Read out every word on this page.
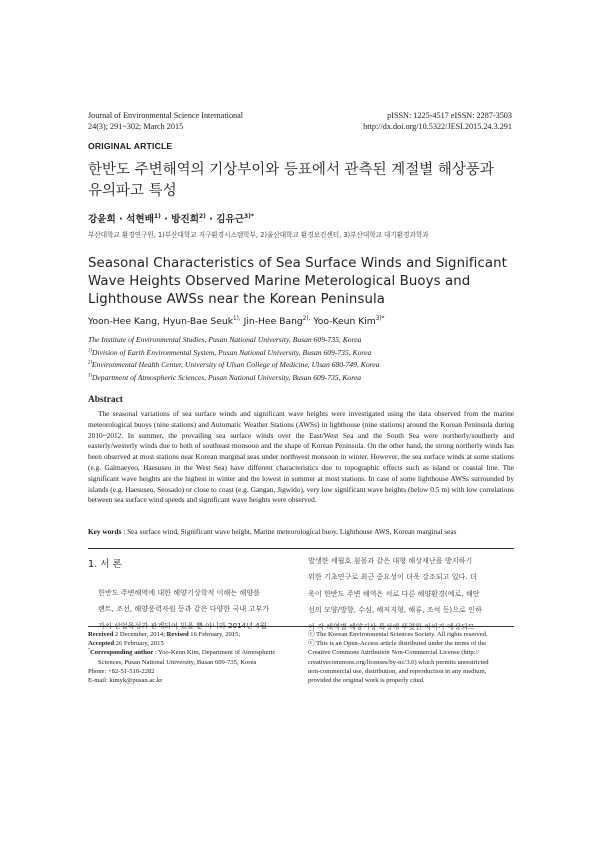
Journal of Environmental Science International
24(3); 291~302; March 2015
pISSN: 1225-4517 eISSN: 2287-3503
http://dx.doi.org/10.5322/JESI.2015.24.3.291
ORIGINAL ARTICLE
한반도 주변해역의 기상부이와 등표에서 관측된 계절별 해상풍과
유의파고 특성
강윤희 · 석현배$^{1)}$ · 방진희$^{2)}$ · 김유근$^{3)*}$
부산대학교 환경연구원, 1)부산대학교 지구환경시스템학부, 2)울산대학교 환경보건센터, 3)부산대학교 대기환경과학과
Seasonal Characteristics of Sea Surface Winds and Significant
Wave Heights Observed Marine Meterological Buoys and
Lighthouse AWSs near the Korean Peninsula
Yoon-Hee Kang, Hyun-Bae Seuk$^{1),}$ Jin-Hee Bang$^{2),}$ Yoo-Keun Kim$^{3)*}$
The Institute of Environmental Studies, Pusan National University, Busan 609-735, Korea
$^{1)}$Division of Earth Environmental System, Pusan National University, Busan 609-735, Korea
$^{2)}$Environmental Health Center, University of Ulsan College of Medicine, Ulsan 680-749, Korea
$^{3)}$Department of Atmospheric Sciences, Pusan National University, Busan 609-735, Korea
Abstract
The seasonal variations of sea surface winds and significant wave heights were investigated using the data observed from the marine meteorological buoys (nine stations) and Automatic Weather Stations (AWSs) in lighthouse (nine stations) around the Korean Peninsula during 2010~2012. In summer, the prevailing sea surface winds over the East/West Sea and the South Sea were northerly/southerly and easterly/westerly winds due to both of southeast monsoon and the shape of Korean Peninsula. On the other hand, the strong northerly winds has been observed at most stations near Korean marginal seas under northwest monsoon in winter. However, the sea surface winds at some stations (e.g. Galmaeyeo, Haesuseo in the West Sea) have different characteristics due to topographic effects such as island or coastal line. The significant wave heights are the highest in winter and the lowest in summer at most stations. In case of some lighthouse AWSs surrounded by islands (e.g. Haesuseo, Seosado) or close to coast (e.g. Gangan, Jigwido), very low significant wave heights (below 0.5 m) with low correlations between sea surface wind speeds and significant wave heights were observed.
Key words : Sea surface wind, Significant wave height, Marine meteorological buoy, Lighthouse AWS, Korean marginal seas
1. 서 론
한반도 주변해역에 대한 해양기상학적 이해는 해양플
랜트, 조선, 해양풍력자원 등과 같은 다양한 국내 고부가
가치 산업육성과 관계되어 있을 뿐 아니라 2014년 4월
발생한 세월호 침몰과 같은 대형 해상재난을 방지하기
위한 기초연구로 최근 중요성이 더욱 강조되고 있다. 더
욱이 한반도 주변 해역은 서로 다른 해양환경(예로, 해안
선의 모양/방향, 수심, 해저지형, 해류, 조석 등)으로 인하
여 각 해역별 해양기상 특성에 뚜렷한 차이가 예상되므
Received 2 December, 2014; Revised 16 February, 2015;
Accepted 26 February, 2015
*Corresponding author : Yoo-Keun Kim, Department of Atmospheric
Sciences, Pusan National University, Busan 609-735, Korea
Phone: +82-51-510-2282
E-mail: kimyk@pusan.ac.kr
ⓒ The Korean Environmental Sciences Society. All rights reserved.
ⓒ This is an Open-Access article distributed under the terms of the
Creative Commons Attribution Non-Commercial License (http://
creativecommons.org/licenses/by-nc/3.0) which permits unrestricted
non-commercial use, distribution, and reproduction in any medium,
provided the original work is properly cited.
